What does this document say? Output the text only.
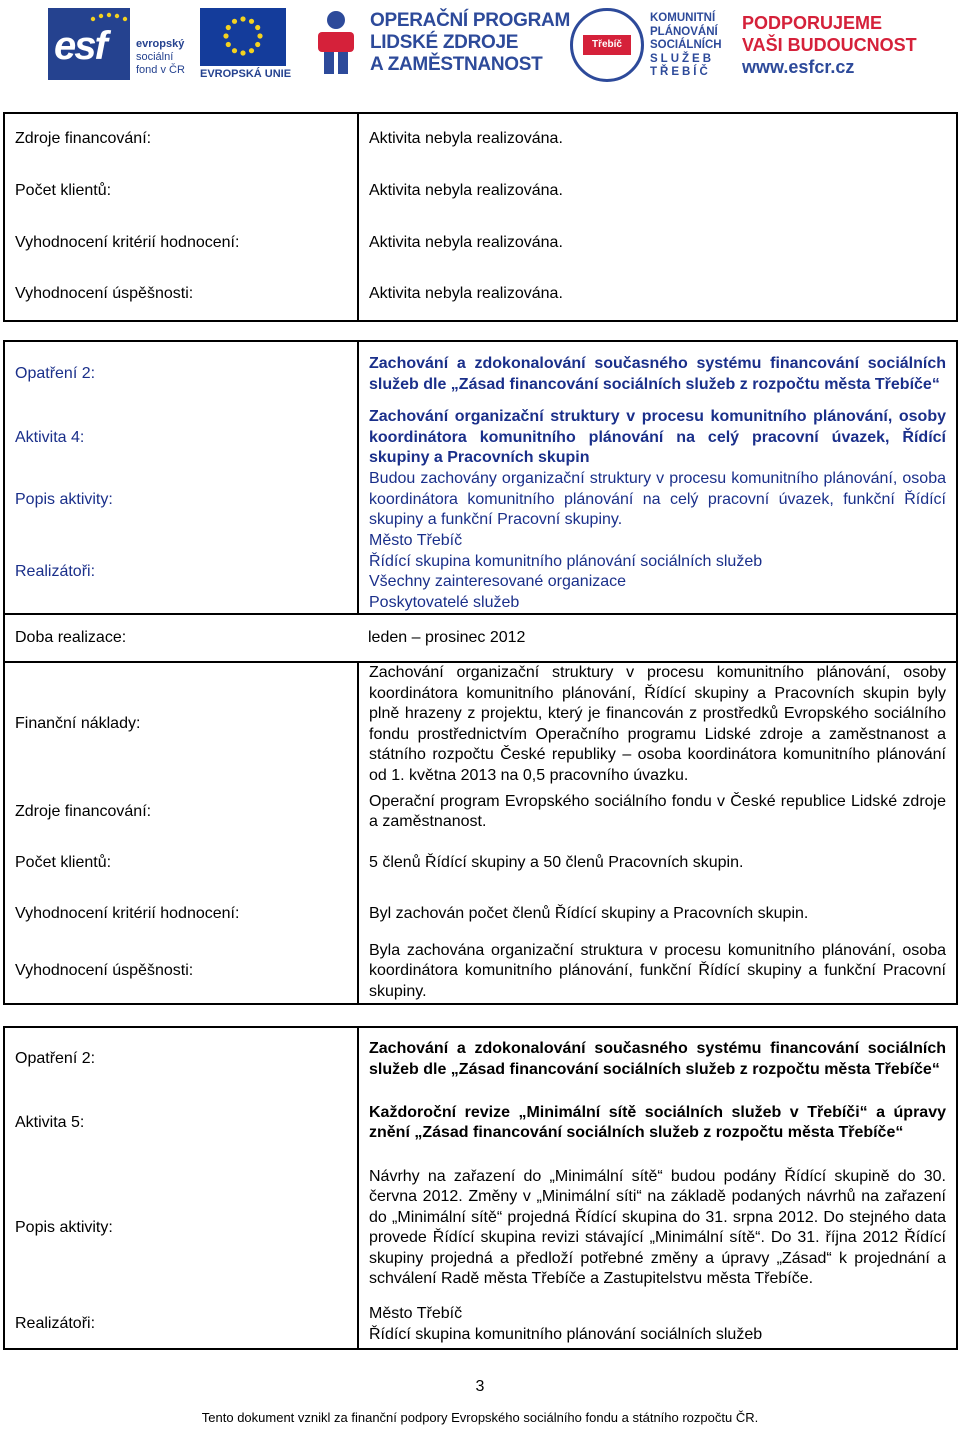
esf	evropský
sociální
fond v ČR EVROPSKÁ UNIE
OPERAČNÍ PROGRAM
LIDSKÉ ZDROJE
A ZAMĚSTNANOST
Třebíč
KOMUNITNÍ
PLÁNOVÁNÍ
SOCIÁLNÍCH
SLUŽEB
TŘEBÍČ
PODPORUJEME
VAŠI BUDOUCNOST
www.esfcr.cz
Zdroje financování:	Aktivita nebyla realizována.
Počet klientů:	Aktivita nebyla realizována.
Vyhodnocení kritérií hodnocení:	Aktivita nebyla realizována.
Vyhodnocení úspěšnosti:	Aktivita nebyla realizována.
Opatření 2:	Zachování a zdokonalování současného systému financování sociálních služeb dle „Zásad financování sociálních služeb z rozpočtu města Třebíče“
Aktivita 4:	Zachování organizační struktury v procesu komunitního plánování, osoby koordinátora komunitního plánování na celý pracovní úvazek, Řídící skupiny a Pracovních skupin
Popis aktivity:	Budou zachovány organizační struktury v procesu komunitního plánování, osoba koordinátora komunitního plánování na celý pracovní úvazek, funkční Řídící skupiny a funkční Pracovní skupiny.
Realizátoři:	Město Třebíč
Řídící skupina komunitního plánování sociálních služeb
Všechny zainteresované organizace
Poskytovatelé služeb

Doba realizace:	leden – prosinec 2012
Finanční náklady:	Zachování organizační struktury v procesu komunitního plánování, osoby koordinátora komunitního plánování, Řídící skupiny a Pracovních skupin byly plně hrazeny z projektu, který je financován z prostředků Evropského sociálního fondu prostřednictvím Operačního programu Lidské zdroje a zaměstnanost a státního rozpočtu České republiky – osoba koordinátora komunitního plánování od 1. května 2013 na 0,5 pracovního úvazku.
Zdroje financování:	Operační program Evropského sociálního fondu v České republice Lidské zdroje a zaměstnanost.
Počet klientů:	5 členů Řídící skupiny a 50 členů Pracovních skupin.
Vyhodnocení kritérií hodnocení:	Byl zachován počet členů Řídící skupiny a Pracovních skupin.
Vyhodnocení úspěšnosti:	Byla zachována organizační struktura v procesu komunitního plánování, osoba koordinátora komunitního plánování, funkční Řídící skupiny a funkční Pracovní skupiny.
Opatření 2:	Zachování a zdokonalování současného systému financování sociálních služeb dle „Zásad financování sociálních služeb z rozpočtu města Třebíče“
Aktivita 5:	Každoroční revize „Minimální sítě sociálních služeb v Třebíči“ a úpravy znění „Zásad financování sociálních služeb z rozpočtu města Třebíče“
Popis aktivity:	Návrhy na zařazení do „Minimální sítě“ budou podány Řídící skupině do 30. června 2012. Změny v „Minimální síti“ na základě podaných návrhů na zařazení do „Minimální sítě“ projedná Řídící skupina do 31. srpna 2012. Do stejného data provede Řídící skupina revizi stávající „Minimální sítě“. Do 31. října 2012 Řídící skupiny projedná a předloží potřebné změny a úpravy „Zásad“ k projednání a schválení Radě města Třebíče a Zastupitelstvu města Třebíče.
Realizátoři:	Město Třebíč
Řídící skupina komunitního plánování sociálních služeb
3
Tento dokument vznikl za finanční podpory Evropského sociálního fondu a státního rozpočtu ČR.
